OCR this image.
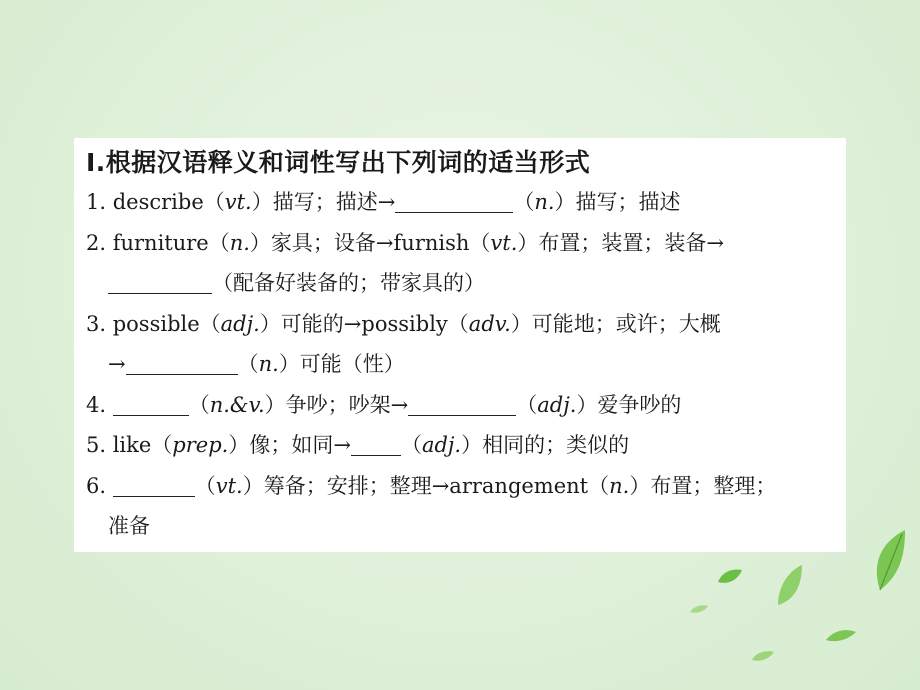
Ⅰ.根据汉语释义和词性写出下列词的适当形式
1. describe（vt.）描写；描述→	（n.）描写；描述
2. furniture（n.）家具；设备→furnish（vt.）布置；装置；装备→
（配备好装备的；带家具的）
3. possible（adj.）可能的→possibly（adv.）可能地；或许；大概
→	（n.）可能（性）
4.	（n.&v.）争吵；吵架→	（adj.）爱争吵的
5. like（prep.）像；如同→ （adj.）相同的；类似的
6.	（vt.）筹备；安排；整理→arrangement（n.）布置；整理；
准备
